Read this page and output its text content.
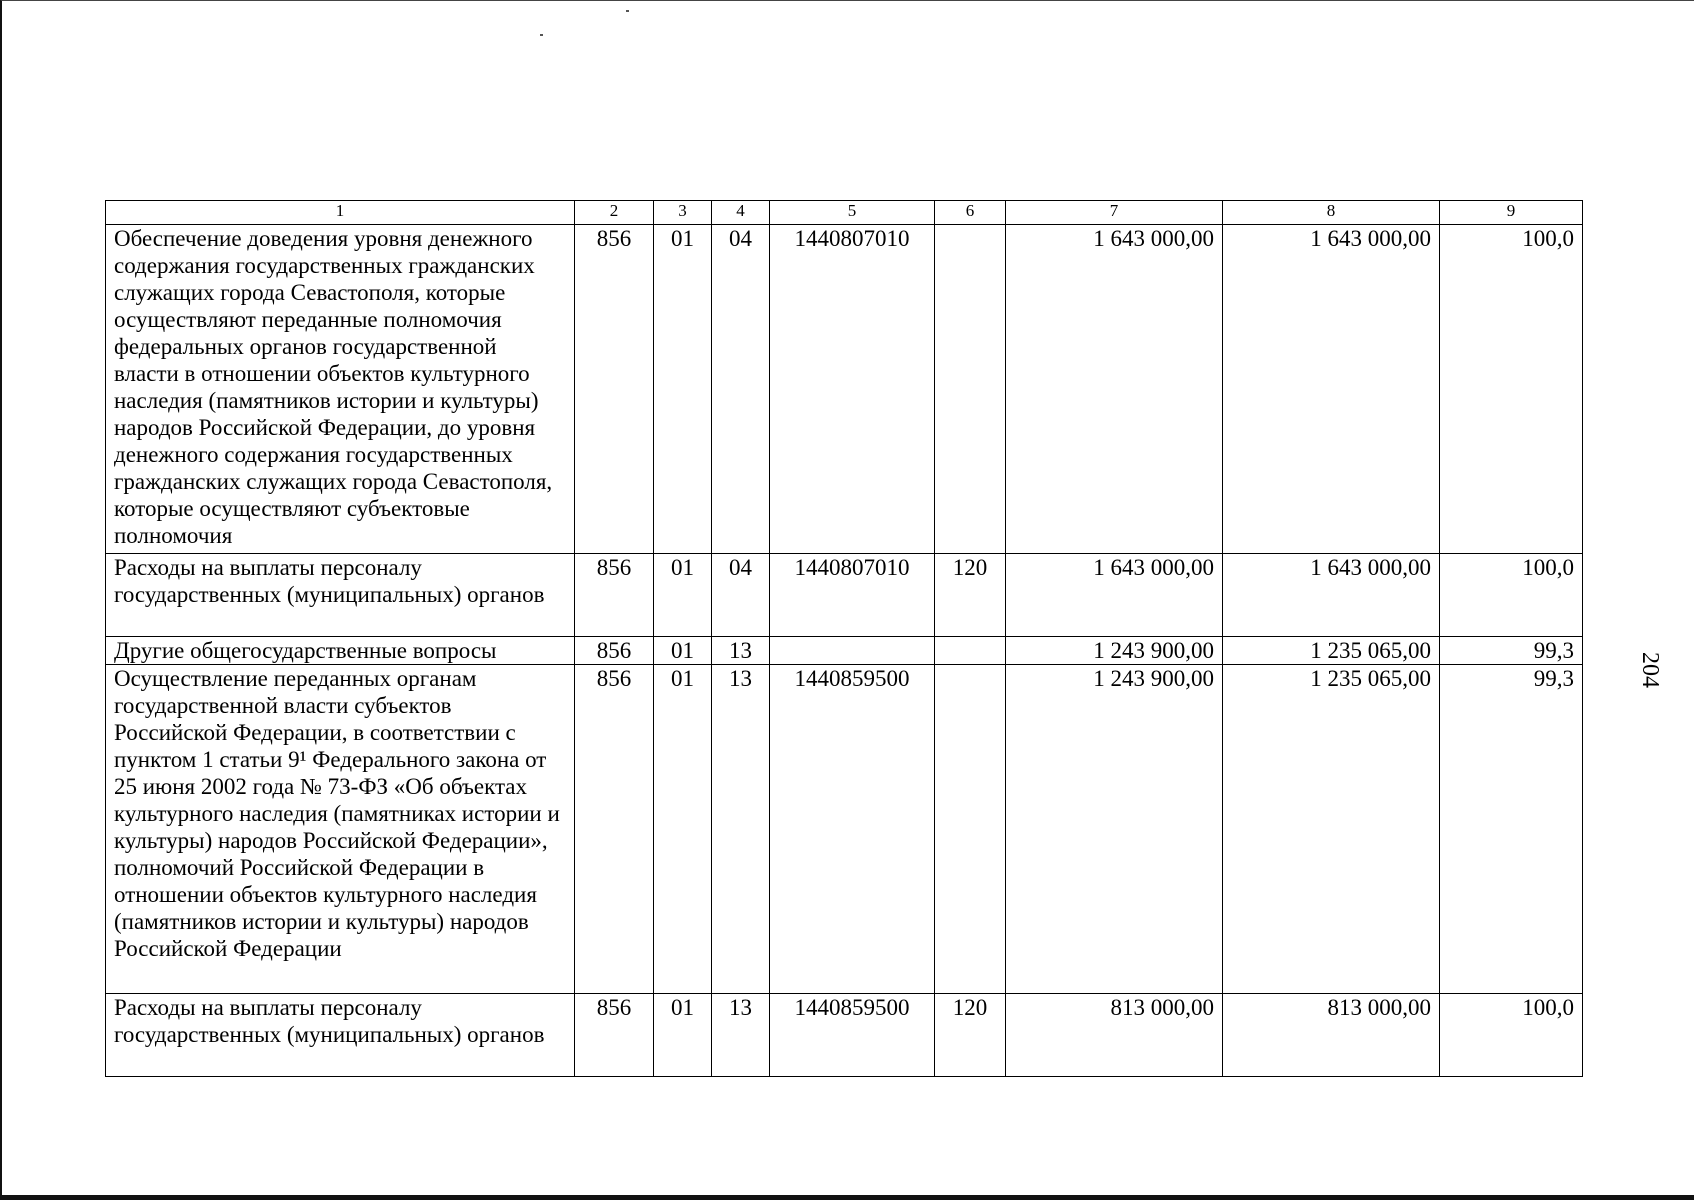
1	2	3	4	5	6	7	8	9
Обеспечение доведения уровня денежного содержания государственных гражданских служащих города Севастополя, которые осуществляют переданные полномочия федеральных органов государственной власти в отношении объектов культурного наследия (памятников истории и культуры) народов Российской Федерации, до уровня денежного содержания государственных гражданских служащих города Севастополя, которые осуществляют субъектовые полномочия	856	01	04	1440807010		1 643 000,00	1 643 000,00	100,0
Расходы на выплаты персоналу государственных (муниципальных) органов	856	01	04	1440807010	120	1 643 000,00	1 643 000,00	100,0
Другие общегосударственные вопросы	856	01	13			1 243 900,00	1 235 065,00	99,3
Осуществление переданных органам государственной власти субъектов Российской Федерации, в соответствии с пунктом 1 статьи 9¹ Федерального закона от 25 июня 2002 года № 73-ФЗ «Об объектах культурного наследия (памятниках истории и культуры) народов Российской Федерации», полномочий Российской Федерации в отношении объектов культурного наследия (памятников истории и культуры) народов Российской Федерации	856	01	13	1440859500		1 243 900,00	1 235 065,00	99,3
Расходы на выплаты персоналу государственных (муниципальных) органов	856	01	13	1440859500	120	813 000,00	813 000,00	100,0
204
